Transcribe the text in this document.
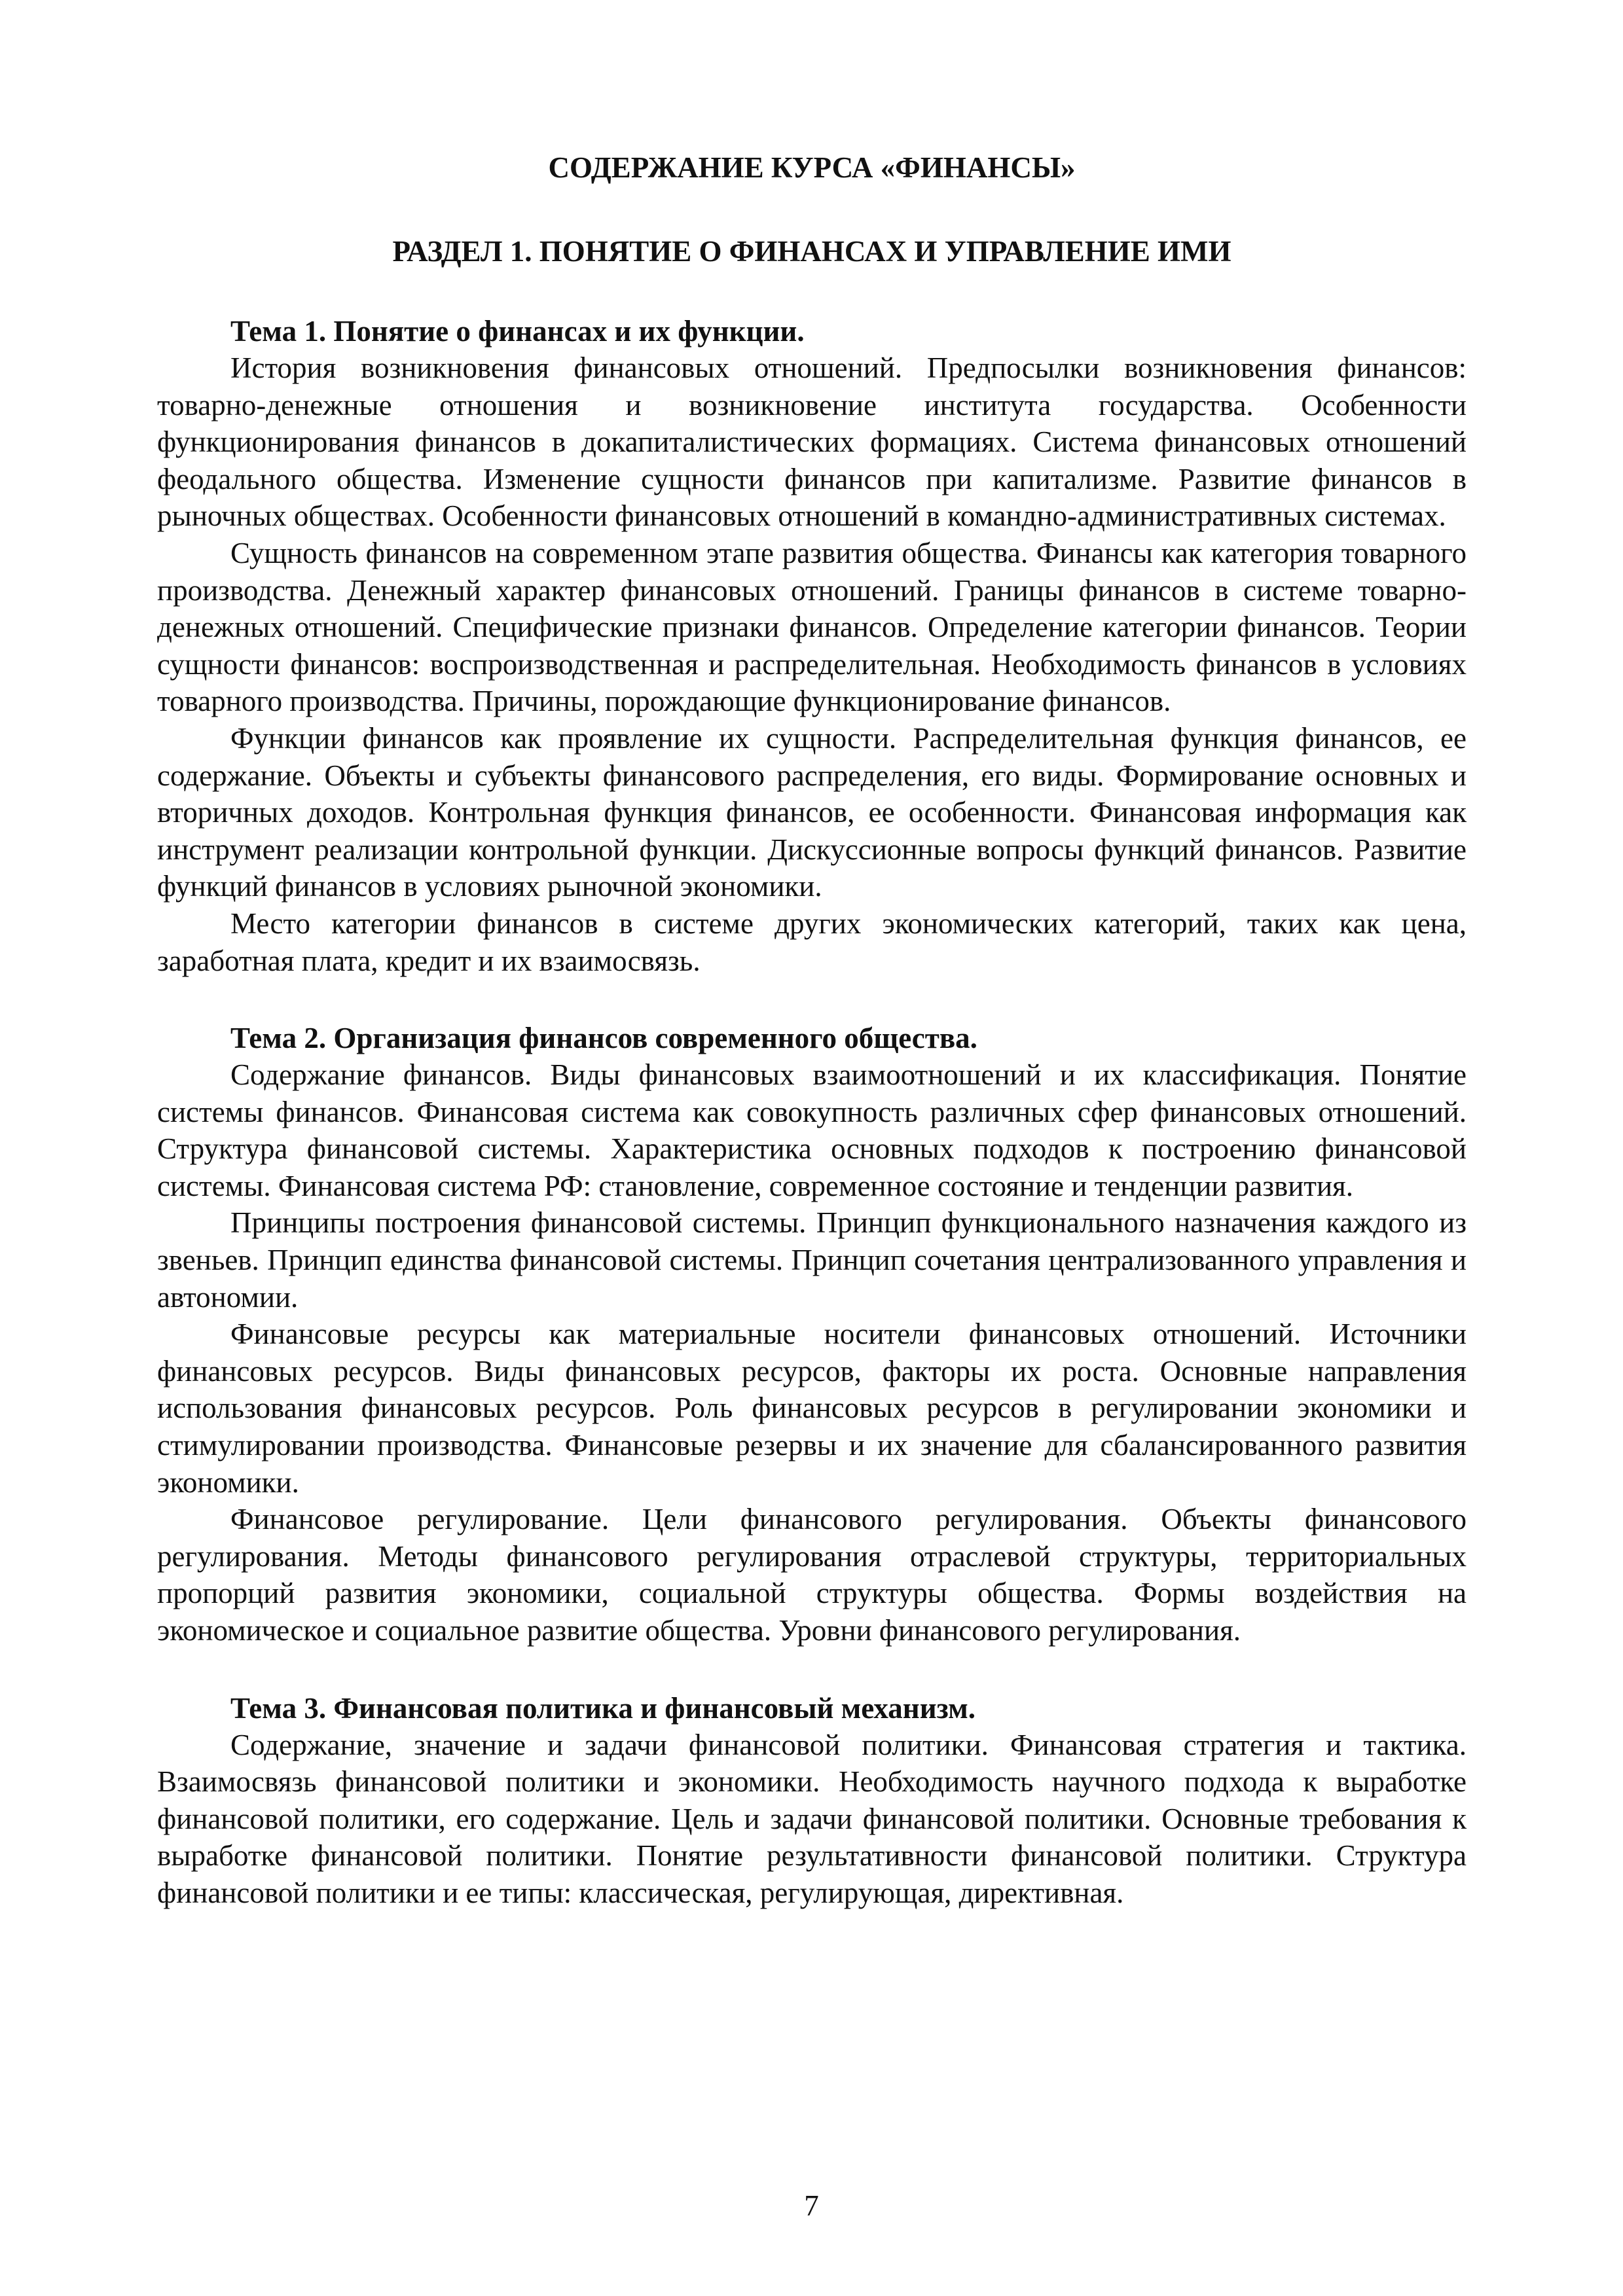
СОДЕРЖАНИЕ КУРСА «ФИНАНСЫ»
РАЗДЕЛ 1. ПОНЯТИЕ О ФИНАНСАХ И УПРАВЛЕНИЕ ИМИ
Тема 1. Понятие о финансах и их функции.

История возникновения финансовых отношений. Предпосылки возникновения финансов: товарно-денежные отношения и возникновение института государства. Особенности функционирования финансов в докапиталистических формациях. Система финансовых отношений феодального общества. Изменение сущности финансов при капитализме. Развитие финансов в рыночных обществах. Особенности финансовых отношений в командно-административных системах.

Сущность финансов на современном этапе развития общества. Финансы как категория товарного производства. Денежный характер финансовых отношений. Границы финансов в системе товарно-денежных отношений. Специфические признаки финансов. Определение категории финансов. Теории сущности финансов: воспроизводственная и распределительная. Необходимость финансов в условиях товарного производства. Причины, порождающие функционирование финансов.

Функции финансов как проявление их сущности. Распределительная функция финансов, ее содержание. Объекты и субъекты финансового распределения, его виды. Формирование основных и вторичных доходов. Контрольная функция финансов, ее особенности. Финансовая информация как инструмент реализации контрольной функции. Дискуссионные вопросы функций финансов. Развитие функций финансов в условиях рыночной экономики.

Место категории финансов в системе других экономических категорий, таких как цена, заработная плата, кредит и их взаимосвязь.

Тема 2. Организация финансов современного общества.

Содержание финансов. Виды финансовых взаимоотношений и их классификация. Понятие системы финансов. Финансовая система как совокупность различных сфер финансовых отношений. Структура финансовой системы. Характеристика основных подходов к построению финансовой системы. Финансовая система РФ: становление, современное состояние и тенденции развития.

Принципы построения финансовой системы. Принцип функционального назначения каждого из звеньев. Принцип единства финансовой системы. Принцип сочетания централизованного управления и автономии.

Финансовые ресурсы как материальные носители финансовых отношений. Источники финансовых ресурсов. Виды финансовых ресурсов, факторы их роста. Основные направления использования финансовых ресурсов. Роль финансовых ресурсов в регулировании экономики и стимулировании производства. Финансовые резервы и их значение для сбалансированного развития экономики.

Финансовое регулирование. Цели финансового регулирования. Объекты финансового регулирования. Методы финансового регулирования отраслевой структуры, территориальных пропорций развития экономики, социальной структуры общества. Формы воздействия на экономическое и социальное развитие общества. Уровни финансового регулирования.

Тема 3. Финансовая политика и финансовый механизм.

Содержание, значение и задачи финансовой политики. Финансовая стратегия и тактика. Взаимосвязь финансовой политики и экономики. Необходимость научного подхода к выработке финансовой политики, его содержание. Цель и задачи финансовой политики. Основные требования к выработке финансовой политики. Понятие результативности финансовой политики. Структура финансовой политики и ее типы: классическая, регулирующая, директивная.

7
